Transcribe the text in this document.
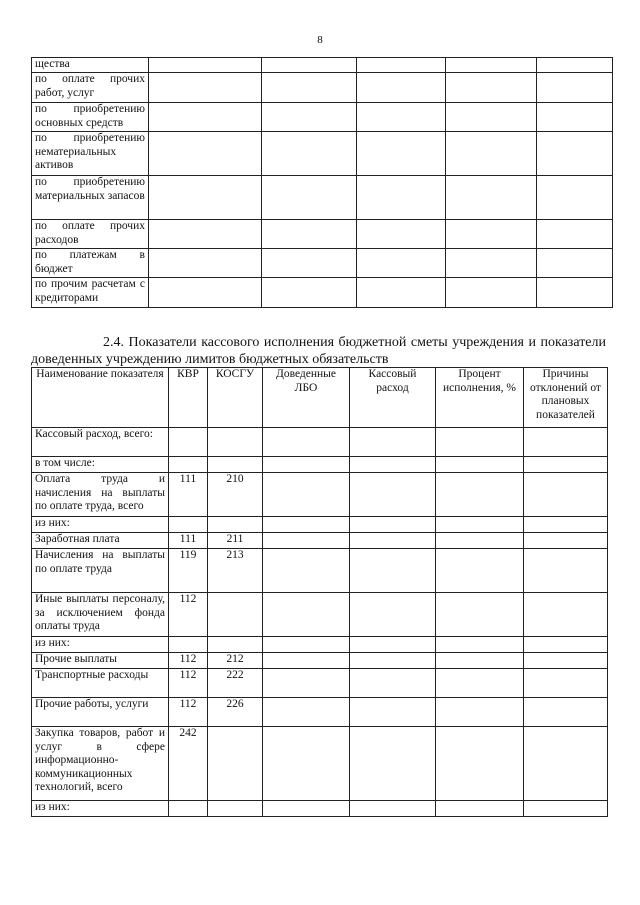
8
щества					
по оплате прочих работ, услуг					
по приобретению основных средств					
по приобретению нематериальных активов					
по приобретению материальных запасов					
по оплате прочих расходов					
по платежам в бюджет					
по прочим расчетам с кредиторами					
2.4. Показатели кассового исполнения бюджетной сметы учреждения и показатели доведенных учреждению лимитов бюджетных обязательств
Наименование показателя	КВР	КОСГУ	Доведенные ЛБО	Кассовый расход	Процент исполнения, %	Причины отклонений от плановых показателей
Кассовый расход, всего:						
в том числе:						
Оплата труда и начисления на выплаты по оплате труда, всего	111	210				
из них:						
Заработная плата	111	211				
Начисления на выплаты по оплате труда	119	213				
Иные выплаты персоналу, за исключением фонда оплаты труда	112					
из них:						
Прочие выплаты	112	212				
Транспортные расходы	112	222				
Прочие работы, услуги	112	226				
Закупка товаров, работ и услуг в сфере информационно-коммуникационных технологий, всего	242					
из них:						
